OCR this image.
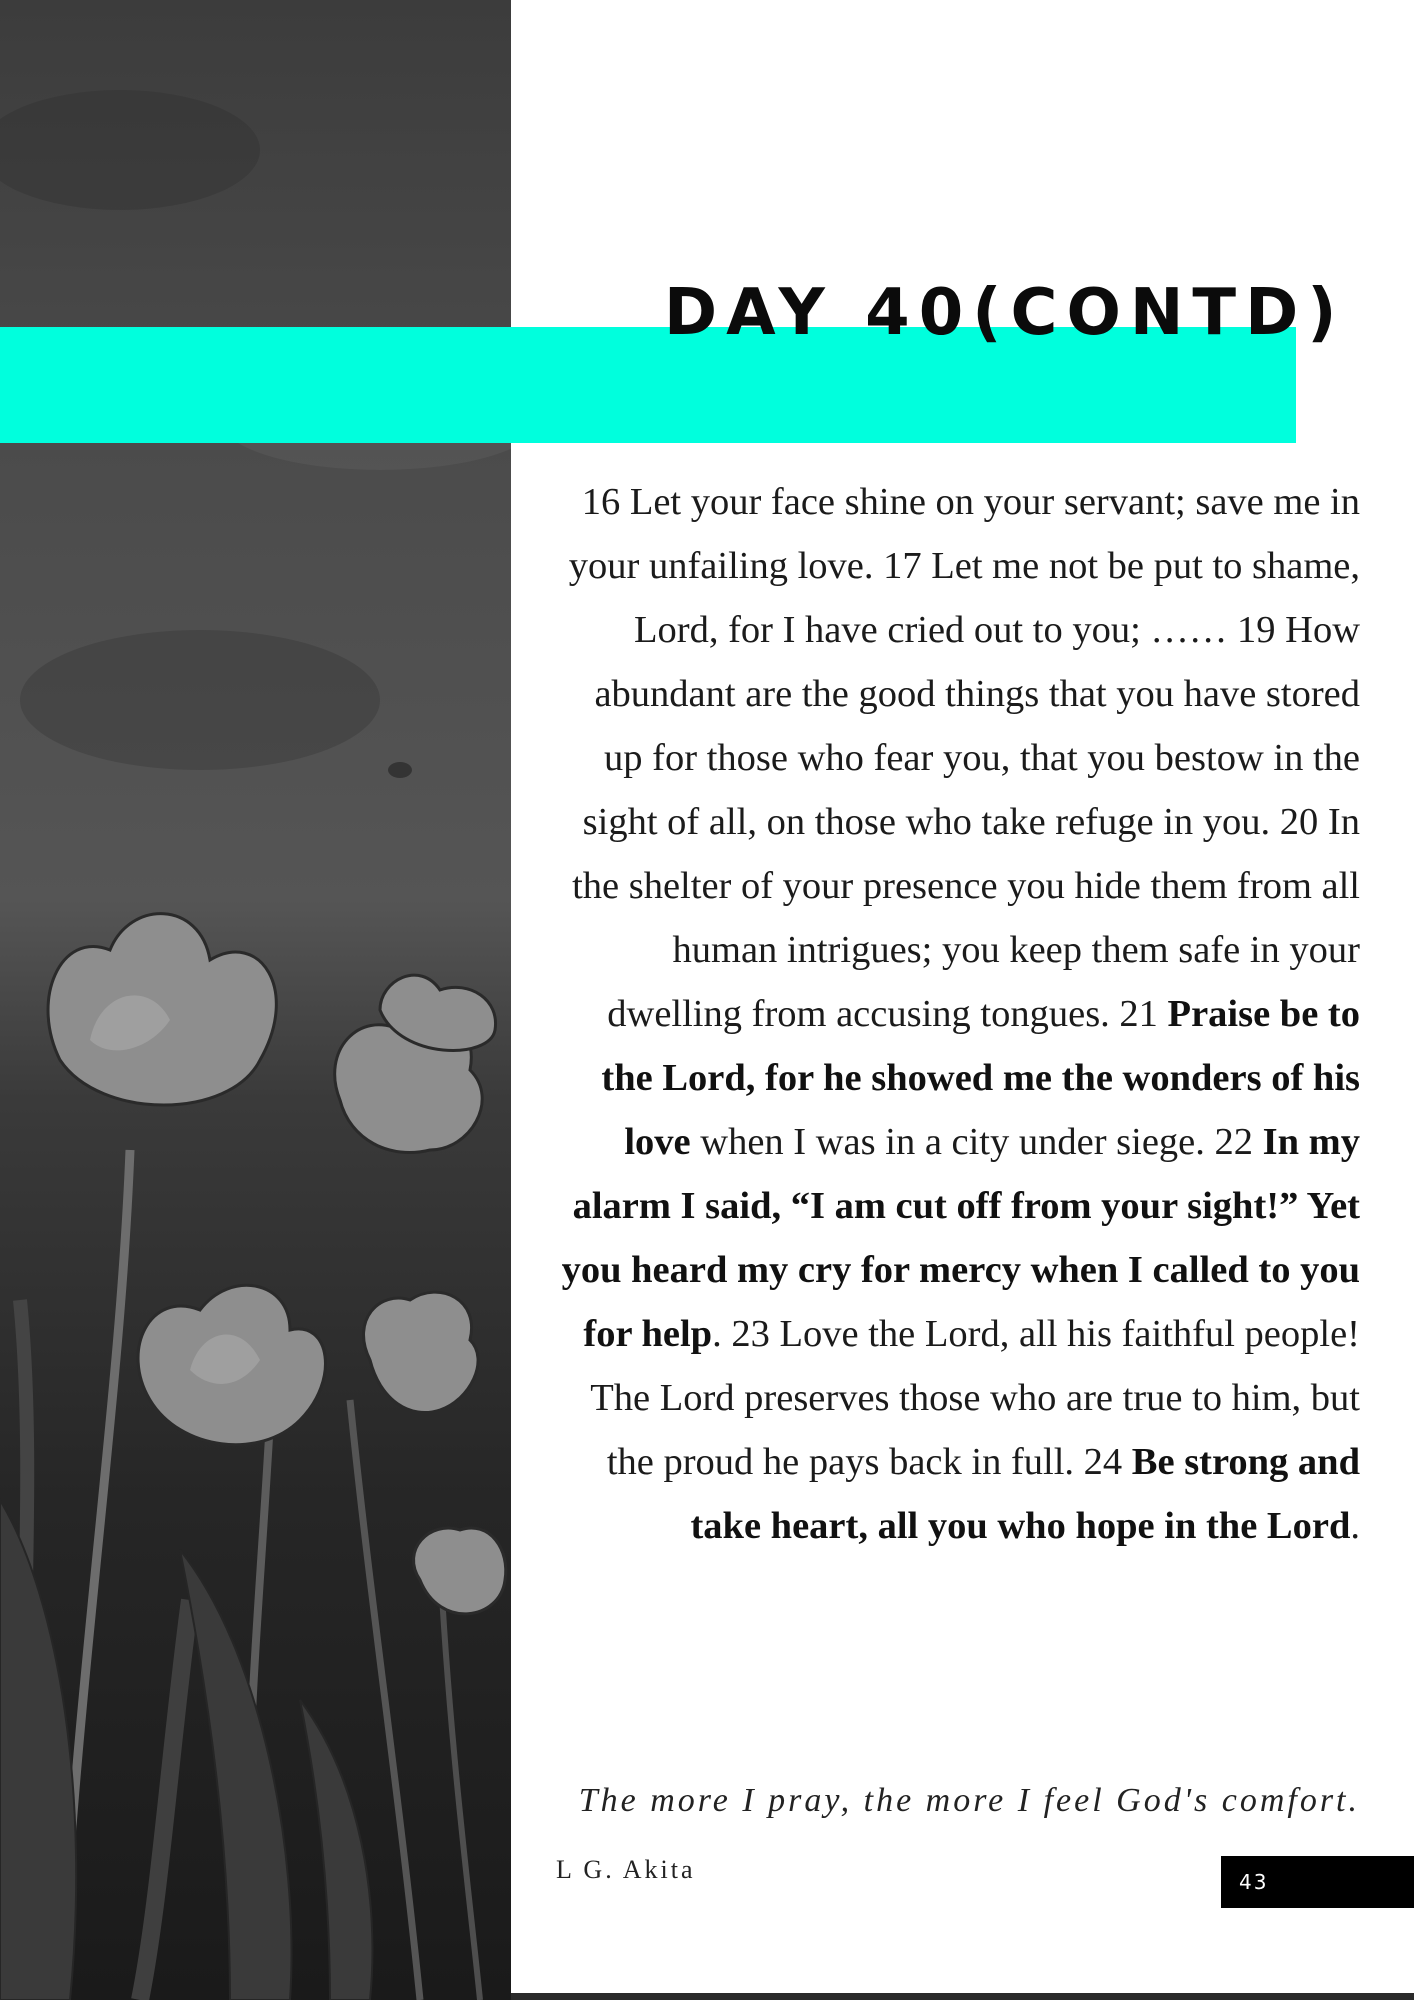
DAY 40(CONTD)

16 Let your face shine on your servant; save me in your unfailing love. 17 Let me not be put to shame, Lord, for I have cried out to you; …… 19 How abundant are the good things that you have stored up for those who fear you, that you bestow in the sight of all, on those who take refuge in you. 20 In the shelter of your presence you hide them from all human intrigues; you keep them safe in your dwelling from accusing tongues. 21 Praise be to the Lord, for he showed me the wonders of his love when I was in a city under siege. 22 In my alarm I said, “I am cut off from your sight!” Yet you heard my cry for mercy when I called to you for help. 23 Love the Lord, all his faithful people! The Lord preserves those who are true to him, but the proud he pays back in full. 24 Be strong and take heart, all you who hope in the Lord.

The more I pray, the more I feel God's comfort.

L G. Akita	43
